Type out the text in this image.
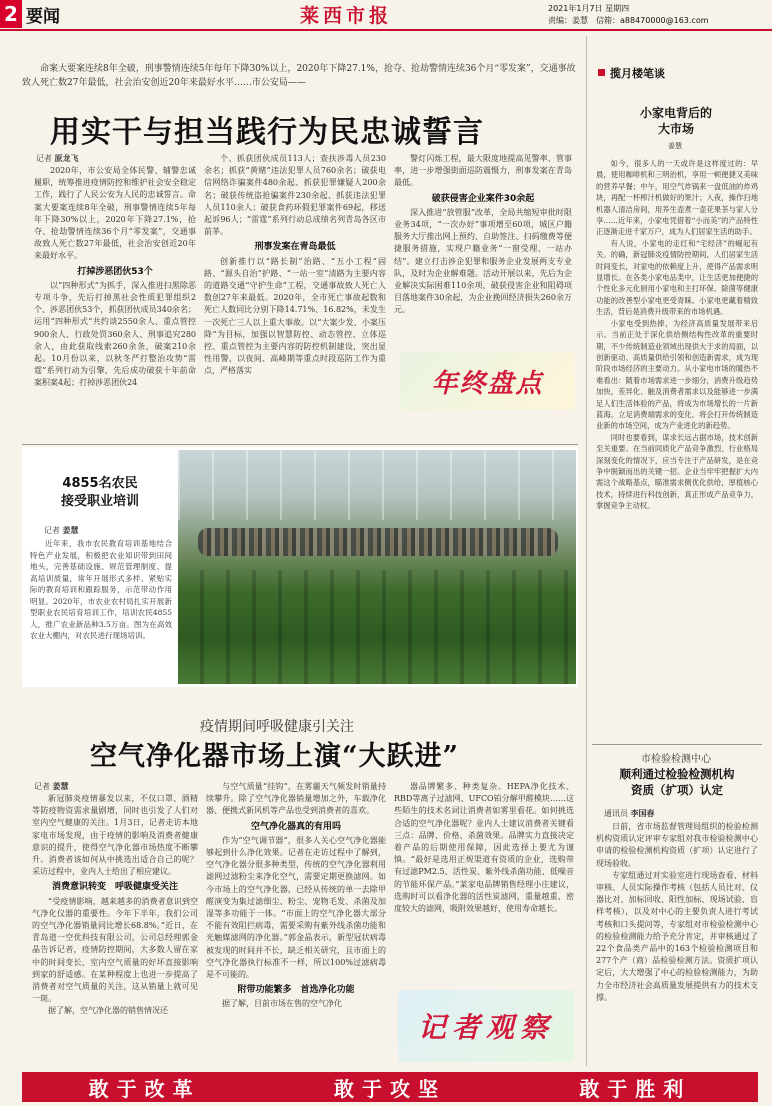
2 要闻	莱西市报	2021年1月7日 星期四
责编：姜慧　信箱：a88470000@163.com
命案大要案连续8年全破，刑事警情连续5年每年下降30%以上，2020年下降27.1%，抢夺、抢劫警情连续36个月“零发案”，交通事故致人死亡数27年最低，社会治安创近20年来最好水平……市公安局——
用实干与担当践行为民忠诚誓言
记者 原龙飞

2020年，市公安局全体民警、辅警忠诚履职，统筹推进疫情防控和维护社会安全稳定工作，践行了人民公安为人民的忠诚誓言。命案大要案连续8年全破，刑事警情连续5年每年下降30%以上，2020年下降27.1%，抢夺、抢劫警情连续36个月“零发案”，交通事故致人死亡数27年最低，社会治安创近20年来最好水平。

打掉涉恶团伙53个

以“四种形式”为抓手，深入推进扫黑除恶专项斗争，先后打掉黑社会性质犯罪组织2个、涉恶团伙53个，抓获团伙成员340余名；运用“四种形式”共约谈2550余人、重点管控900余人、行政处罚360余人、刑事追究280余人，由此获取线索260余条，破案210余起。10月份以来，以秋冬严打整治攻势“雷霆”系列行动为引擎，先后成功破获十年前命案积案4起；打掉涉恶团伙24

个、抓获团伙成员113人；查扶涉毒人员230余名；抓获“黄赌”违法犯罪人员760余名；破获电信网络诈骗案件480余起、抓获犯罪嫌疑人200余名；破获传统盗抢骗案件230余起、抓获违法犯罪人员110余人；破获食药环假犯罪案件69起，移送起诉96人；“雷霆”系列行动总成绩名列青岛各区市前茅。

刑事发案在青岛最低

创新推行以“路长制”治路、“五小工程”固路、“源头自治”护路、“一站一室”清路为主要内容的道路交通“守护生命”工程，交通事故致人死亡人数创27年来最低。2020年，全市死亡事故起数和死亡人数同比分别下降14.71%、16.82%，未发生一次死亡三人以上重大事故。以“大案少发、小案压降”为目标，加强以智慧防控、动态管控、立体巡控、重点管控为主要内容的防控机制建设，突出显性用警，以夜间、高峰期等重点时段巡防工作为重点，严格落实

警灯闪烁工程，最大限度地提高见警率、管事率，进一步增强街面巡防震慑力，刑事发案在青岛最低。

破获侵害企业案件30余起

深入推进“放管服”改革，全局共缩短审批时限业务34项，“一次办好”事项增至60项，城区户籍服务大厅推出网上预约、自助签注、扫码缴费等便捷服务措施，实现户籍业务“一窗受理、一站办结”。建立打击涉企犯罪和服务企业发展两支专业队，及时为企业解难题。活动开展以来，先后为企业解决实际困难110余项，破获侵害企业和阻碍项目落地案件30余起，为企业挽回经济损失260余万元。

年终盘点
4855名农民
接受职业培训
记者 姜慧

近年来，我市农民教育培训基地结合特色产业发展，积极把农业知识带到田间地头，完善基础设施、规范管理制度、提高培训质量，常年开展形式多样、紧贴实际的教育培训和跟踪服务，示范带动作用明显。2020年，市农业农村局扎实开展新型职业农民培育培训工作，培训农民4855人，推广农业新品种3.5万亩。图为在高效农业大棚内，对农民进行现场培训。

疫情期间呼吸健康引关注
空气净化器市场上演“大跃进”
记者 姜慧

新冠肺炎疫情暴发以来，不仅口罩、酒精等防疫物资需求量剧增，同时也引发了人们对室内空气健康的关注。1月3日，记者走访本地家电市场发现，由于疫情的影响及消费者健康意识的提升，使得空气净化器市场热度不断攀升。消费者该如何从中挑选出适合自己的呢？采访过程中，业内人士给出了相应建议。

消费意识转变　呼吸健康受关注

“受疫情影响，越来越多的消费者意识到空气净化仪器的重要性。今年下半年，我们公司的空气净化器销量同比增长68.8%。”近日，在青岛道一空优科技有限公司，公司总经理郭金晶告诉记者，疫情防控期间，大多数人留在家中的时间变长，室内空气质量的好坏直接影响到家的舒适感。在某种程度上也进一步提高了消费者对空气质量的关注，这从销量上就可见一斑。

据了解，空气净化器的销售情况还

与空气质量“挂钩”，在雾霾天气频发时销量持续攀升。除了空气净化器销量增加之外，车载净化器、便携式新风机等产品也受到消费者的喜欢。

空气净化器真的有用吗

作为“空气调节器”，很多人关心空气净化器能够起到什么净化效果。记者在走访过程中了解到，空气净化器分很多种类型，传统的空气净化器利用滤网过滤粉尘来净化空气，需要定期更换滤网。如今市场上的空气净化器，已经从传统的单一去除甲醛演变为集过滤细尘、粉尘、宠物毛发、杀菌及加湿等多功能于一体。“市面上的空气净化器大部分不能有效阻拦病毒，需要采购有紫外线杀菌功能和光触媒滤网的净化器。”郭金晶表示，新型冠状病毒被发现的时间并不长，缺乏相关研究，且市面上的空气净化器执行标准不一样，所以100%过滤病毒是不可能的。

附带功能繁多　首选净化功能

据了解，目前市场在售的空气净化

器品牌繁多、种类复杂。HEPA净化技术、RBD等离子过滤网、UFCO铂分解甲醛模块……这些陌生的技术名词让消费者如雾里看花。如何挑选合适的空气净化器呢？业内人士建议消费者关键看三点：品牌、价格、杀菌效果。品牌实力直接决定着产品的后期使用保障，因此选择上要尤为谨慎。“最好是选用正规渠道有资质的企业，选购带有过滤PM2.5、活性炭、紫外线杀菌功能、低噪音的节能环保产品。”某家电品牌销售经理小庄建议，选购时可以看净化器的活性炭滤网，重量越重、密度较大的滤网，吸附效果越好，使用寿命越长。

记者观察
揽月楼笔谈
小家电背后的
大市场
姜慧

如今，很多人的一天或许是这样度过的：早晨，使用咖啡机和三明治机，享用一顿便捷又美味的营养早餐；中午，用空气炸锅来一盘低油的炸鸡块，再配一杯榨汁机做好的果汁；入夜，操作扫地机器人清洁房间，用养生壶煮一壶花果茶与家人分享……近年来，小家电凭借着“小而美”的产品特性正逐渐走进千家万户，成为人们居家生活的助手。

有人说，小家电的走红和“宅经济”的崛起有关。的确，新冠肺炎疫情防控期间，人们居家生活时间变长，对家电的依赖度上升，使得产品需求明显增长。在各类小家电品类中，让生活更加便捷的个性化多元化厨用小家电和主打环保、除菌等健康功能的改善型小家电更受青睐。小家电更藏着精致生活，背后是消费升级带来的市场机遇。

小家电受到热捧，为经济高质量发展带来启示。当前正处于深化供给侧结构性改革的重要时期，不少传统制造业领域出现供大于求的局面，以创新驱动、高质量供给引领和创造新需求，成为现阶段市场经济的主要动力。从小家电市场的暖热不难看出：随着市场需求进一步细分，消费升级趋势加快，差异化、触及消费者需求以及能够进一步满足人们生活体验的产品，将成为市场增长的一片新蓝海。立足消费端需求的变化，将会打开传统制造业新的市场空间，成为产业进化的新趋势。

同时也要看到，谋求长远占据市场，技术创新至关重要。在当前同质化产品竞争激烈、行业格局深刻变化的情况下，应当专注于产品研发，是在竞争中脱颖而出的关键一招。企业当牢牢把握扩大内需这个战略基点，瞄准需求侧优化供给，厚植核心技术，持续进行科技创新，真正形成产品竞争力，掌握竞争主动权。

市检验检测中心
顺利通过检验检测机构
资质（扩项）认定
通讯员 李国春

日前，省市场监督管理局组织的检验检测机构资质认定评审专家组对我市检验检测中心申请的检验检测机构资质（扩项）认定进行了现场验收。

专家组通过对实验室进行现场查看、材料审核、人员实际操作考核（包括人员比对、仪器比对、加标回收、阳性加标、现场试验、盲样考核），以及对中心的主要负责人进行考试考核和口头提问等，专家组对市检验检测中心的检验检测能力给予充分肯定，并审核通过了22个食品类产品中的163个检验检测项目和277个产（商）品检验检测方法。资质扩项认定后，大大增强了中心的检验检测能力，为助力全市经济社会高质量发展提供有力的技术支撑。

敢于改革	敢于攻坚	敢于胜利
